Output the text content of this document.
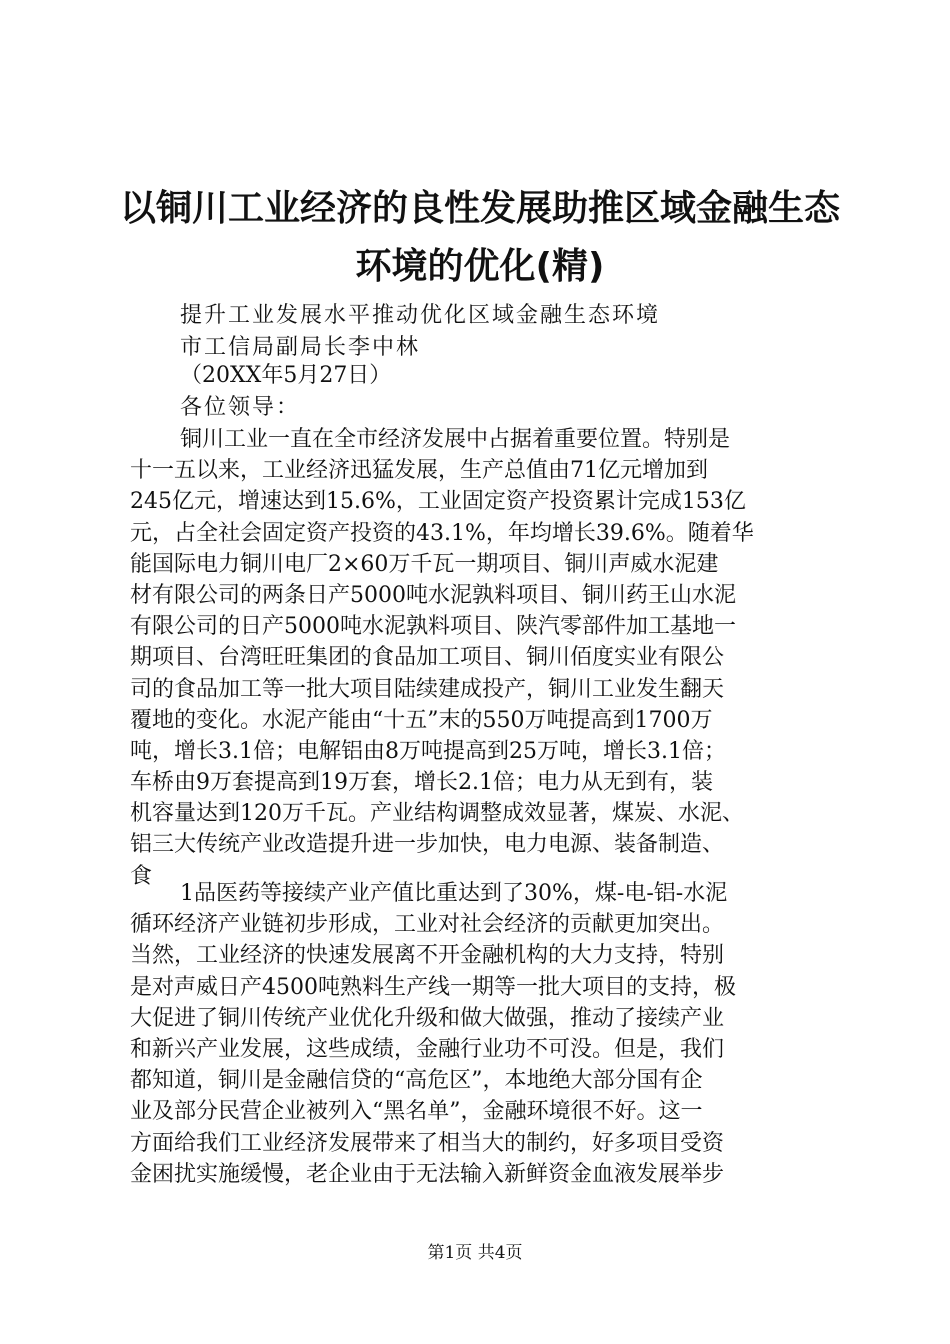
以铜川工业经济的良性发展助推区域金融生态
环境的优化(精)

提升工业发展水平推动优化区域金融生态环境

市工信局副局长李中林

（20XX年5月27日）

各位领导：

铜川工业一直在全市经济发展中占据着重要位置。特别是
十一五以来，工业经济迅猛发展，生产总值由71亿元增加到
245亿元，增速达到15.6%，工业固定资产投资累计完成153亿
元，占全社会固定资产投资的43.1%，年均增长39.6%。随着华
能国际电力铜川电厂2×60万千瓦一期项目、铜川声威水泥建
材有限公司的两条日产5000吨水泥孰料项目、铜川药王山水泥
有限公司的日产5000吨水泥孰料项目、陕汽零部件加工基地一
期项目、台湾旺旺集团的食品加工项目、铜川佰度实业有限公
司的食品加工等一批大项目陆续建成投产，铜川工业发生翻天
覆地的变化。水泥产能由“十五”末的550万吨提高到1700万
吨，增长3.1倍；电解铝由8万吨提高到25万吨，增长3.1倍；
车桥由9万套提高到19万套，增长2.1倍；电力从无到有，装
机容量达到120万千瓦。产业结构调整成效显著，煤炭、水泥、
铝三大传统产业改造提升进一步加快，电力电源、装备制造、
食
1品医药等接续产业产值比重达到了30%，煤-电-铝-水泥
循环经济产业链初步形成，工业对社会经济的贡献更加突出。
当然，工业经济的快速发展离不开金融机构的大力支持，特别
是对声威日产4500吨熟料生产线一期等一批大项目的支持，极
大促进了铜川传统产业优化升级和做大做强，推动了接续产业
和新兴产业发展，这些成绩，金融行业功不可没。但是，我们
都知道，铜川是金融信贷的“高危区”，本地绝大部分国有企
业及部分民营企业被列入“黑名单”，金融环境很不好。这一
方面给我们工业经济发展带来了相当大的制约，好多项目受资
金困扰实施缓慢，老企业由于无法输入新鲜资金血液发展举步

第1页 共4页
